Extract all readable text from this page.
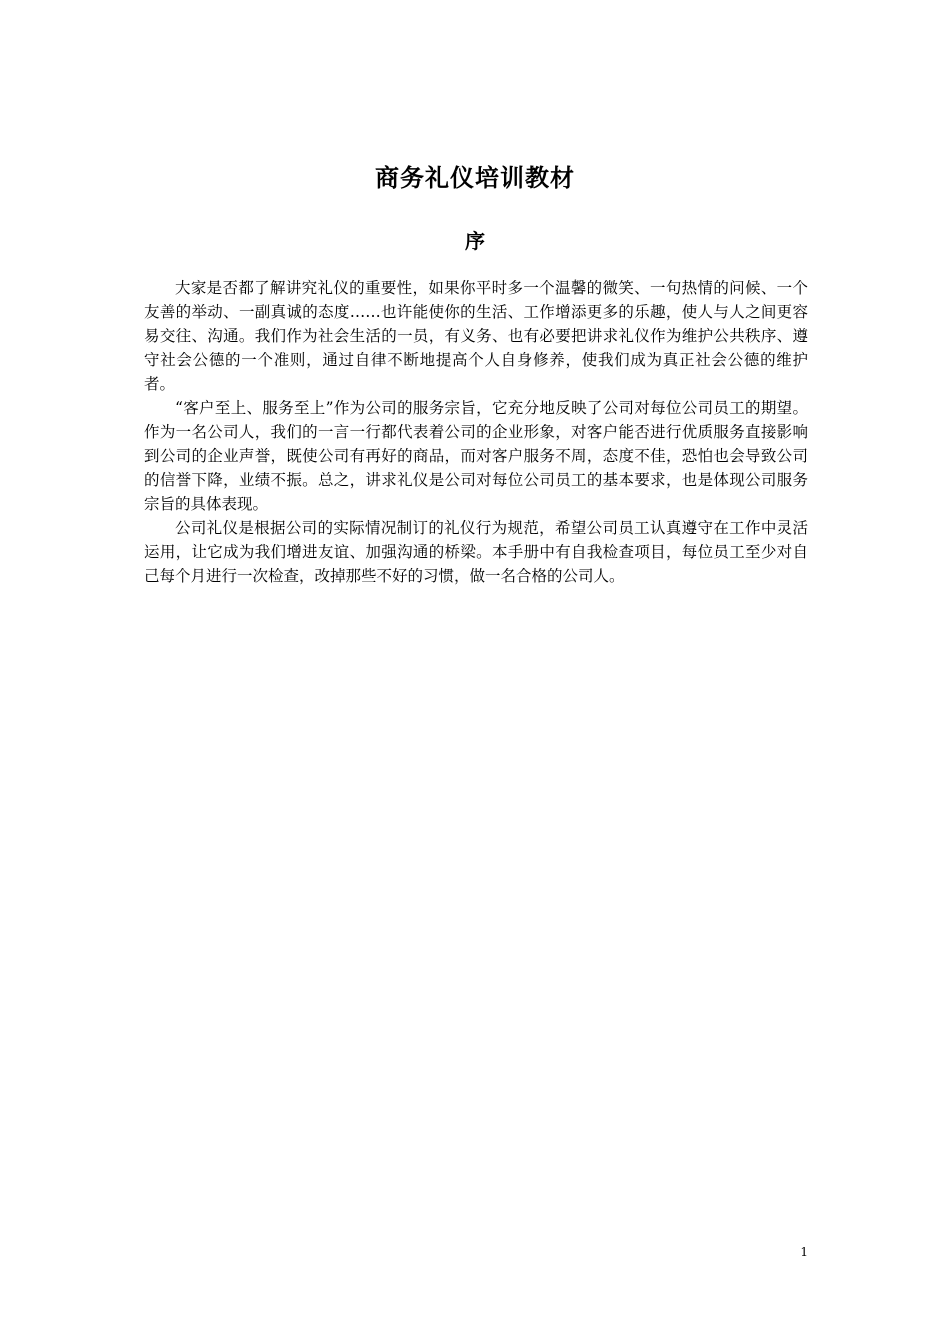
商务礼仪培训教材
序

大家是否都了解讲究礼仪的重要性，如果你平时多一个温馨的微笑、一句热情的问候、一个友善的举动、一副真诚的态度……也许能使你的生活、工作增添更多的乐趣，使人与人之间更容易交往、沟通。我们作为社会生活的一员，有义务、也有必要把讲求礼仪作为维护公共秩序、遵守社会公德的一个准则，通过自律不断地提高个人自身修养，使我们成为真正社会公德的维护者。

“客户至上、服务至上”作为公司的服务宗旨，它充分地反映了公司对每位公司员工的期望。作为一名公司人，我们的一言一行都代表着公司的企业形象，对客户能否进行优质服务直接影响到公司的企业声誉，既使公司有再好的商品，而对客户服务不周，态度不佳，恐怕也会导致公司的信誉下降，业绩不振。总之，讲求礼仪是公司对每位公司员工的基本要求，也是体现公司服务宗旨的具体表现。

公司礼仪是根据公司的实际情况制订的礼仪行为规范，希望公司员工认真遵守在工作中灵活运用，让它成为我们增进友谊、加强沟通的桥梁。本手册中有自我检查项目，每位员工至少对自己每个月进行一次检查，改掉那些不好的习惯，做一名合格的公司人。

1
